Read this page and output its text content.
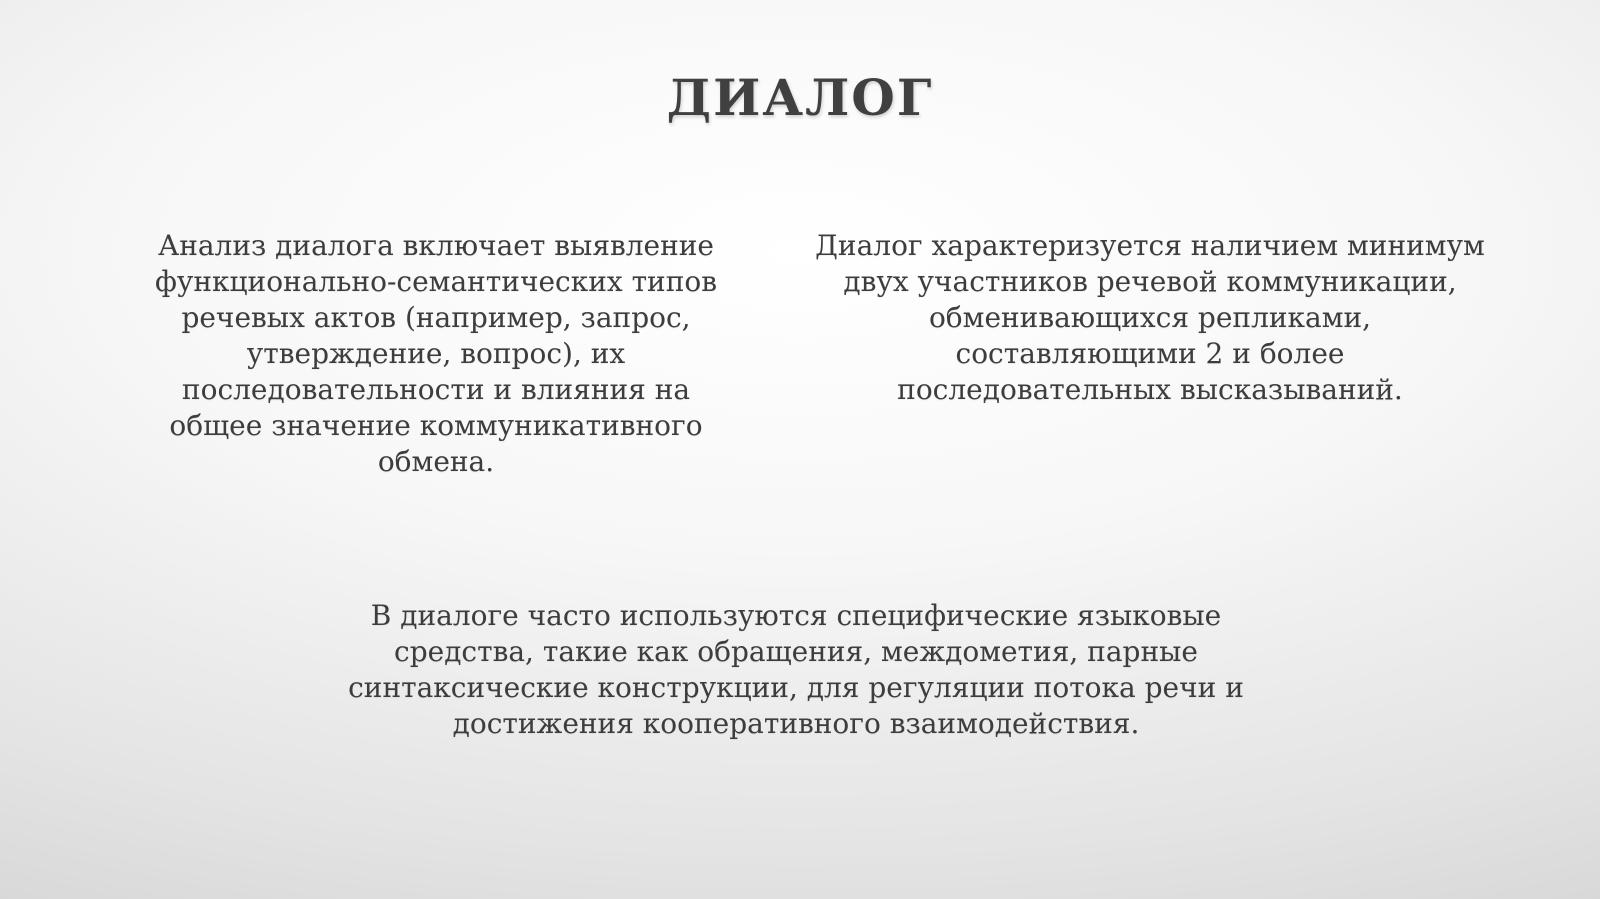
ДИАЛОГ
Анализ диалога включает выявление
функционально-семантических типов
речевых актов (например, запрос,
утверждение, вопрос), их
последовательности и влияния на
общее значение коммуникативного
обмена.
Диалог характеризуется наличием минимум
двух участников речевой коммуникации,
обменивающихся репликами,
составляющими 2 и более
последовательных высказываний.
В диалоге часто используются специфические языковые
средства, такие как обращения, междометия, парные
синтаксические конструкции, для регуляции потока речи и
достижения кооперативного взаимодействия.
